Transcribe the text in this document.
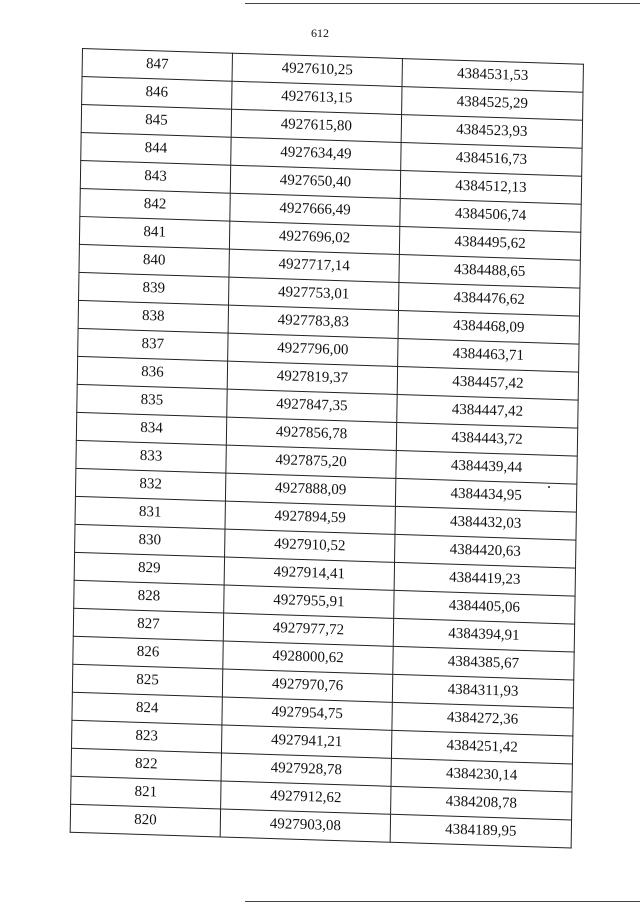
612
847	4927610,25	4384531,53
846	4927613,15	4384525,29
845	4927615,80	4384523,93
844	4927634,49	4384516,73
843	4927650,40	4384512,13
842	4927666,49	4384506,74
841	4927696,02	4384495,62
840	4927717,14	4384488,65
839	4927753,01	4384476,62
838	4927783,83	4384468,09
837	4927796,00	4384463,71
836	4927819,37	4384457,42
835	4927847,35	4384447,42
834	4927856,78	4384443,72
833	4927875,20	4384439,44
832	4927888,09	4384434,95
831	4927894,59	4384432,03
830	4927910,52	4384420,63
829	4927914,41	4384419,23
828	4927955,91	4384405,06
827	4927977,72	4384394,91
826	4928000,62	4384385,67
825	4927970,76	4384311,93
824	4927954,75	4384272,36
823	4927941,21	4384251,42
822	4927928,78	4384230,14
821	4927912,62	4384208,78
820	4927903,08	4384189,95
